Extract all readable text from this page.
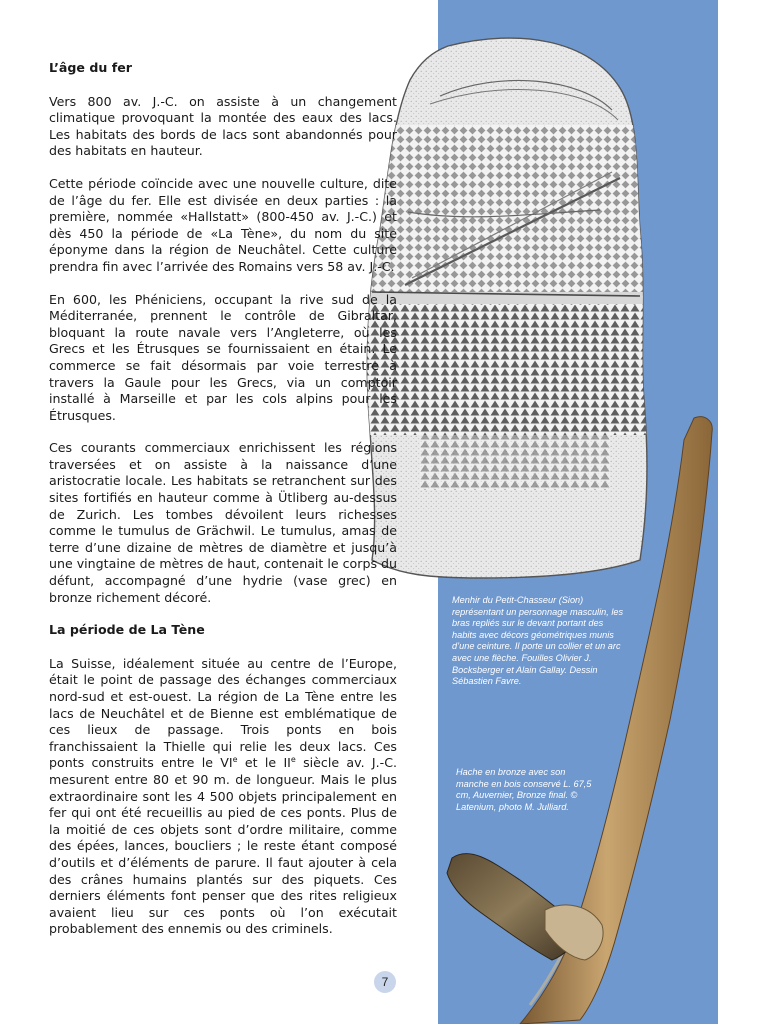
L’âge du fer

Vers 800 av. J.-C. on assiste à un changement climatique provoquant la montée des eaux des lacs. Les habitats des bords de lacs sont abandonnés pour des habitats en hauteur.

Cette période coïncide avec une nouvelle culture, dite de l’âge du fer. Elle est divisée en deux parties : la première, nommée «Hallstatt» (800-450 av. J.-C.) et dès 450 la période de «La Tène», du nom du site éponyme dans la région de Neuchâtel. Cette culture prendra fin avec l’arrivée des Romains vers 58 av. J.-C.

En 600, les Phéniciens, occupant la rive sud de la Méditerranée, prennent le contrôle de Gibraltar, bloquant la route navale vers l’Angleterre, où les Grecs et les Étrusques se fournissaient en étain. Le commerce se fait désormais par voie terrestre à travers la Gaule pour les Grecs, via un comptoir installé à Marseille et par les cols alpins pour les Étrusques.

Ces courants commerciaux enrichissent les régions traversées et on assiste à la naissance d’une aristocratie locale. Les habitats se retranchent sur des sites fortifiés en hauteur comme à Ütliberg au-dessus de Zurich. Les tombes dévoilent leurs richesses comme le tumulus de Grächwil. Le tumulus, amas de terre d’une dizaine de mètres de diamètre et jusqu’à une vingtaine de mètres de haut, contenait le corps du défunt, accompagné d’une hydrie (vase grec) en bronze richement décoré.

La période de La Tène

La Suisse, idéalement située au centre de l’Europe, était le point de passage des échanges commerciaux nord-sud et est-ouest. La région de La Tène entre les lacs de Neuchâtel et de Bienne est emblématique de ces lieux de passage. Trois ponts en bois franchissaient la Thielle qui relie les deux lacs. Ces ponts construits entre le VIe et le IIe siècle av. J.-C. mesurent entre 80 et 90 m. de longueur. Mais le plus extraordinaire sont les 4 500 objets principalement en fer qui ont été recueillis au pied de ces ponts. Plus de la moitié de ces objets sont d’ordre militaire, comme des épées, lances, boucliers ; le reste étant composé d’outils et d’éléments de parure. Il faut ajouter à cela des crânes humains plantés sur des piquets. Ces derniers éléments font penser que des rites religieux avaient lieu sur ces ponts où l’on exécutait probablement des ennemis ou des criminels.

Menhir du Petit-Chasseur (Sion) représentant un personnage masculin, les bras repliés sur le devant portant des habits avec décors géométriques munis d’une ceinture. Il porte un collier et un arc avec une flèche. Fouilles Olivier J. Bocksberger et Alain Gallay. Dessin Sébastien Favre.
Hache en bronze avec son manche en bois conservé L. 67,5 cm, Auvernier, Bronze final. © Latenium, photo M. Julliard.
7
